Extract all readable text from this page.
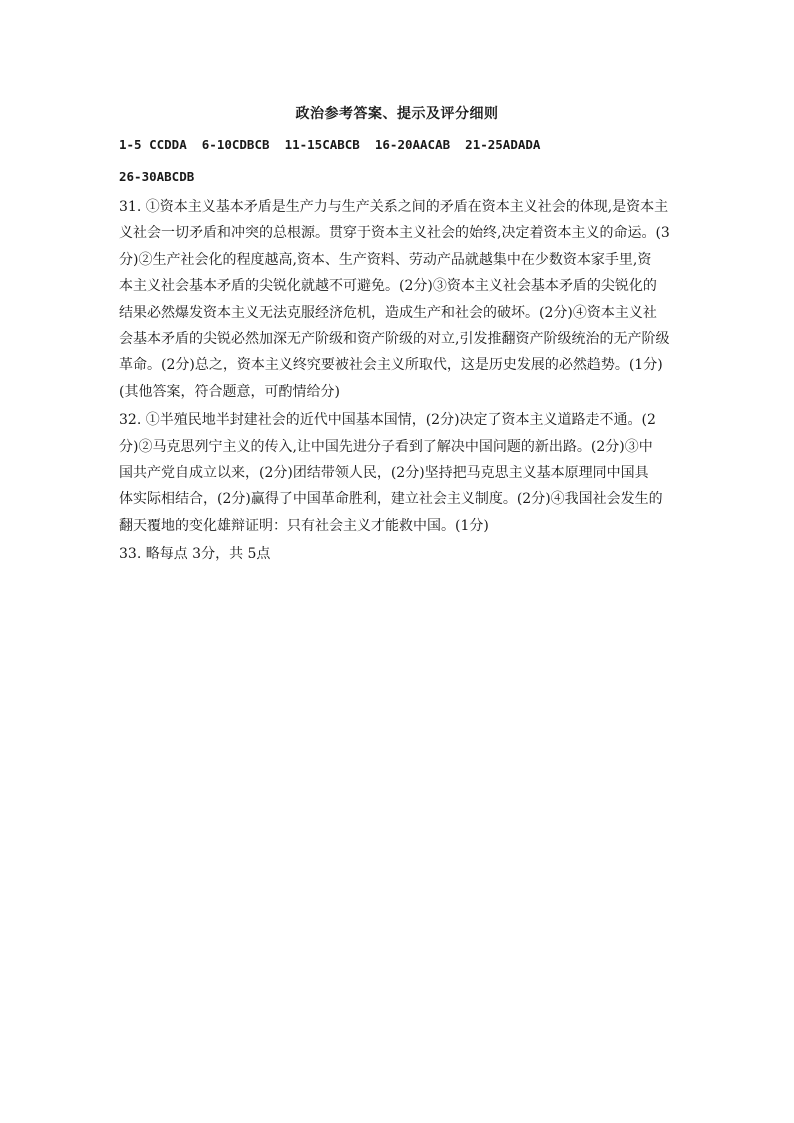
政治参考答案、提示及评分细则
1-5 CCDDA  6-10CDBCB  11-15CABCB  16-20AACAB  21-25ADADA
26-30ABCDB
31. ①资本主义基本矛盾是生产力与生产关系之间的矛盾在资本主义社会的体现,是资本主
义社会一切矛盾和冲突的总根源。贯穿于资本主义社会的始终,决定着资本主义的命运。(3
分)②生产社会化的程度越高,资本、生产资料、劳动产品就越集中在少数资本家手里,资
本主义社会基本矛盾的尖锐化就越不可避免。(2分)③资本主义社会基本矛盾的尖锐化的
结果必然爆发资本主义无法克服经济危机，造成生产和社会的破坏。(2分)④资本主义社
会基本矛盾的尖锐必然加深无产阶级和资产阶级的对立,引发推翻资产阶级统治的无产阶级
革命。(2分)总之，资本主义终究要被社会主义所取代，这是历史发展的必然趋势。(1分)
(其他答案，符合题意，可酌情给分)
32. ①半殖民地半封建社会的近代中国基本国情，(2分)决定了资本主义道路走不通。(2
分)②马克思列宁主义的传入,让中国先进分子看到了解决中国问题的新出路。(2分)③中
国共产党自成立以来，(2分)团结带领人民，(2分)坚持把马克思主义基本原理同中国具
体实际相结合，(2分)赢得了中国革命胜利，建立社会主义制度。(2分)④我国社会发生的
翻天覆地的变化雄辩证明：只有社会主义才能救中国。(1分)
33. 略每点 3分，共 5点
